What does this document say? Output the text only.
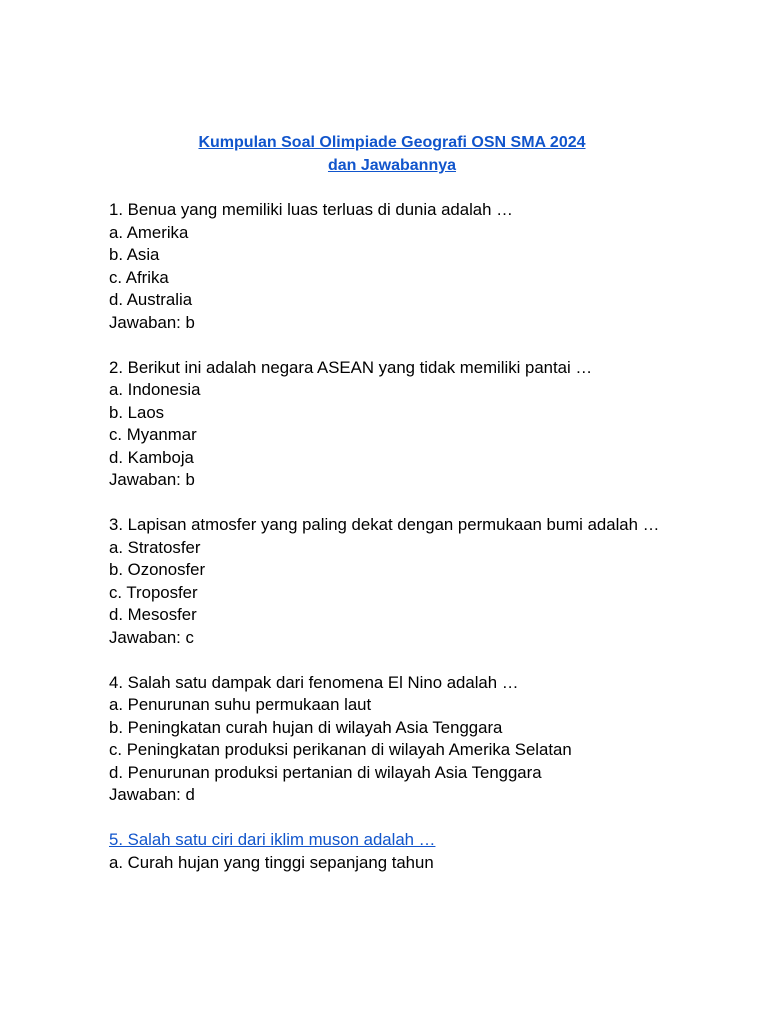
Kumpulan Soal Olimpiade Geografi OSN SMA 2024
dan Jawabannya
1. Benua yang memiliki luas terluas di dunia adalah …
a. Amerika
b. Asia
c. Afrika
d. Australia
Jawaban: b
2. Berikut ini adalah negara ASEAN yang tidak memiliki pantai …
a. Indonesia
b. Laos
c. Myanmar
d. Kamboja
Jawaban: b
3. Lapisan atmosfer yang paling dekat dengan permukaan bumi adalah …
a. Stratosfer
b. Ozonosfer
c. Troposfer
d. Mesosfer
Jawaban: c
4. Salah satu dampak dari fenomena El Nino adalah …
a. Penurunan suhu permukaan laut
b. Peningkatan curah hujan di wilayah Asia Tenggara
c. Peningkatan produksi perikanan di wilayah Amerika Selatan
d. Penurunan produksi pertanian di wilayah Asia Tenggara
Jawaban: d
5. Salah satu ciri dari iklim muson adalah …
a. Curah hujan yang tinggi sepanjang tahun
